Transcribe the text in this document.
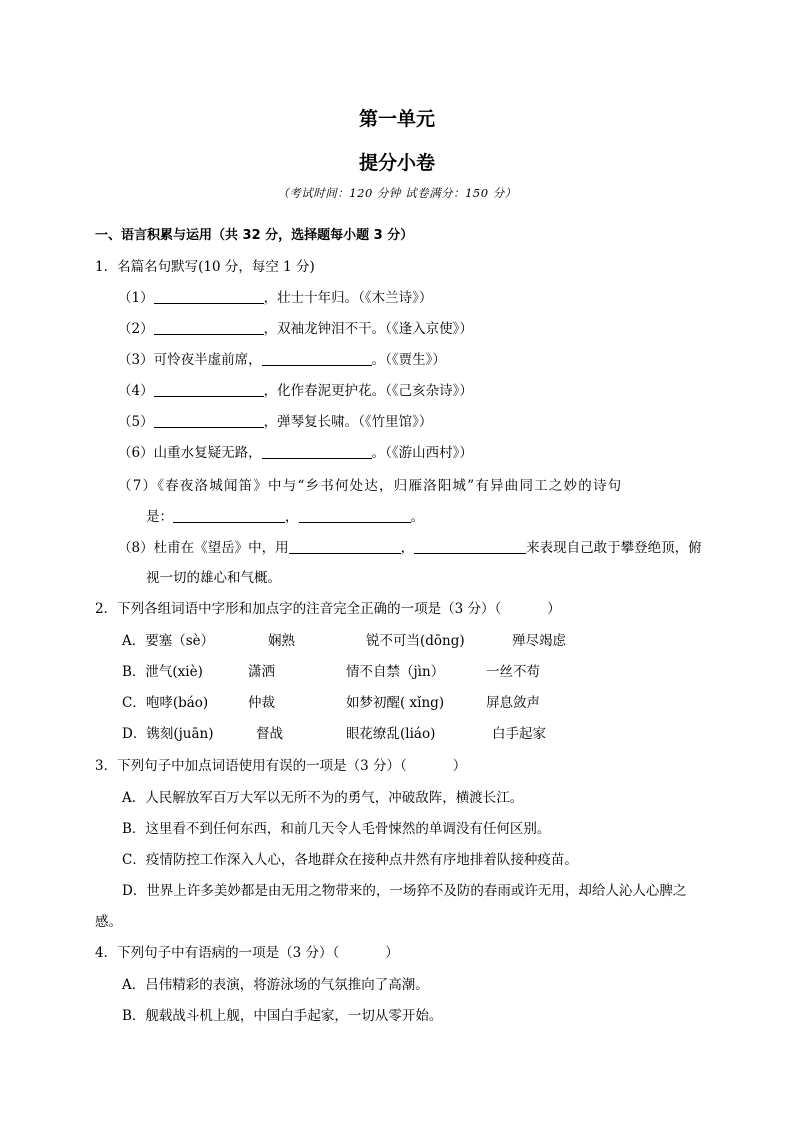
第一单元
提分小卷
（考试时间：120 分钟 试卷满分：150 分）
一、语言积累与运用（共 32 分，选择题每小题 3 分）
1．名篇名句默写(10 分，每空 1 分)
（1）	，壮士十年归。（《木兰诗》）
（2）	，双袖龙钟泪不干。（《逢入京使》）
（3）可怜夜半虚前席，	。（《贾生》）
（4）	，化作春泥更护花。（《己亥杂诗》）
（5）	，弹琴复长啸。（《竹里馆》）
（6）山重水复疑无路，	。（《游山西村》）
（7）《春夜洛城闻笛》中与“乡书何处达，归雁洛阳城”有异曲同工之妙的诗句
是：	，	。
（8）杜甫在《望岳》中，用	，	来表现自己敢于攀登绝顶，俯
视一切的雄心和气概。
2．下列各组词语中字形和加点字的注音完全正确的一项是（3 分）（	）
A．要塞（sè）	娴熟	锐不可当(dōng)	殚尽竭虑
B．泄气(xiè)	潇洒	情不自禁（jìn）	一丝不苟
C．咆哮(báo)	仲裁	如梦初醒( xǐng)	屏息敛声
D．镌刻(juān)	督战	眼花缭乱(liáo)	白手起家
3．下列句子中加点词语使用有误的一项是（3 分）（	）
A．人民解放军百万大军以无所不为的勇气，冲破敌阵，横渡长江。
B．这里看不到任何东西，和前几天令人毛骨悚然的单调没有任何区别。
C．疫情防控工作深入人心，各地群众在接种点井然有序地排着队接种疫苗。
D．世界上许多美妙都是由无用之物带来的，一场猝不及防的春雨或许无用，却给人沁人心脾之
感。
4．下列句子中有语病的一项是（3 分）（	）
A．吕伟精彩的表演，将游泳场的气氛推向了高潮。
B．舰载战斗机上舰，中国白手起家，一切从零开始。
